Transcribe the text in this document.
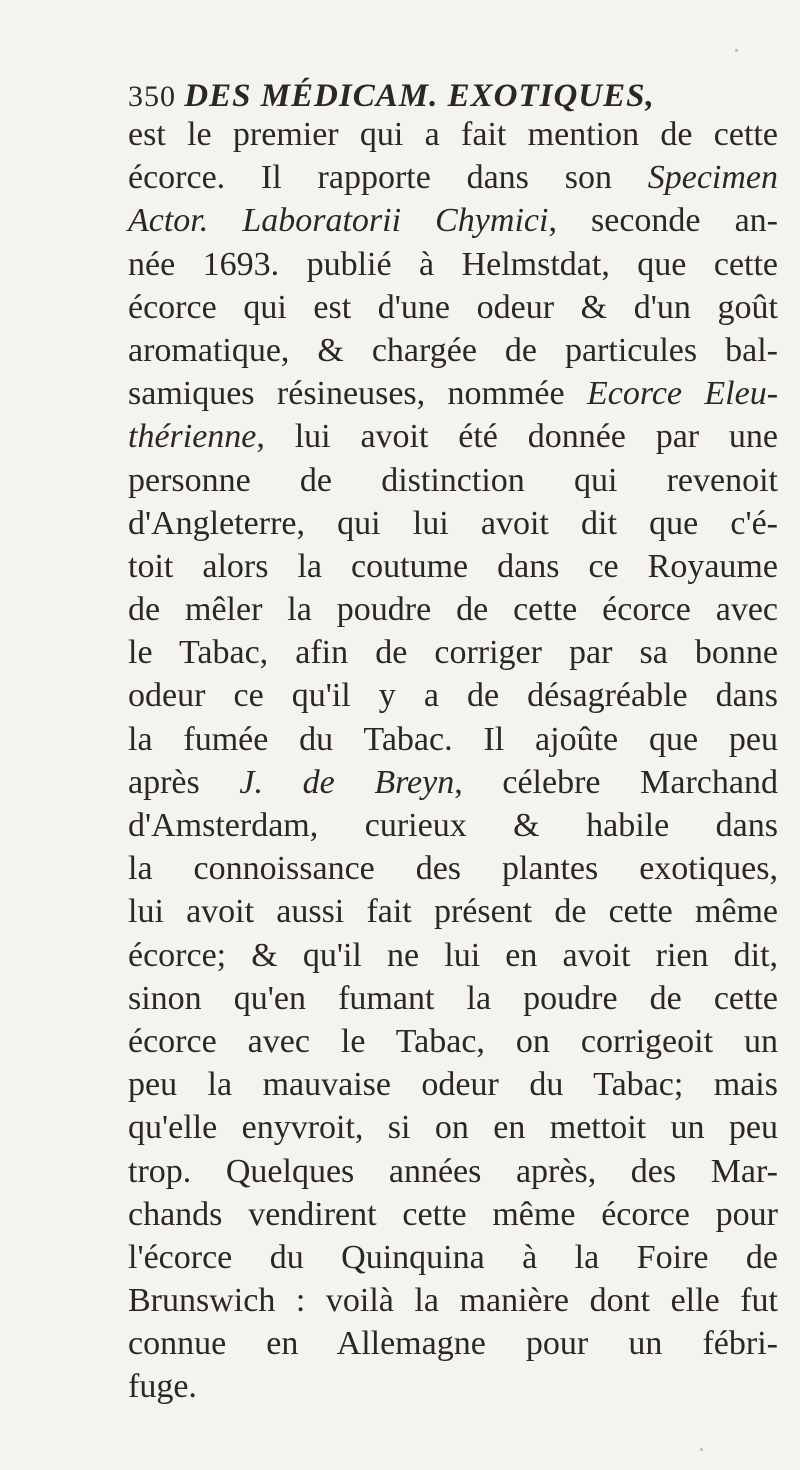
350 DES MÉDICAM. EXOTIQUES,
est le premier qui a fait mention de cette
écorce. Il rapporte dans son Specimen
Actor. Laboratorii Chymici, seconde an-
née 1693. publié à Helmstdat, que cette
écorce qui est d'une odeur & d'un goût
aromatique, & chargée de particules bal-
samiques résineuses, nommée Ecorce Eleu-
thérienne, lui avoit été donnée par une
personne de distinction qui revenoit
d'Angleterre, qui lui avoit dit que c'é-
toit alors la coutume dans ce Royaume
de mêler la poudre de cette écorce avec
le Tabac, afin de corriger par sa bonne
odeur ce qu'il y a de désagréable dans
la fumée du Tabac. Il ajoûte que peu
après J. de Breyn, célebre Marchand
d'Amsterdam, curieux & habile dans
la connoissance des plantes exotiques,
lui avoit aussi fait présent de cette même
écorce; & qu'il ne lui en avoit rien dit,
sinon qu'en fumant la poudre de cette
écorce avec le Tabac, on corrigeoit un
peu la mauvaise odeur du Tabac; mais
qu'elle enyvroit, si on en mettoit un peu
trop. Quelques années après, des Mar-
chands vendirent cette même écorce pour
l'écorce du Quinquina à la Foire de
Brunswich : voilà la manière dont elle fut
connue en Allemagne pour un fébri-
fuge.
